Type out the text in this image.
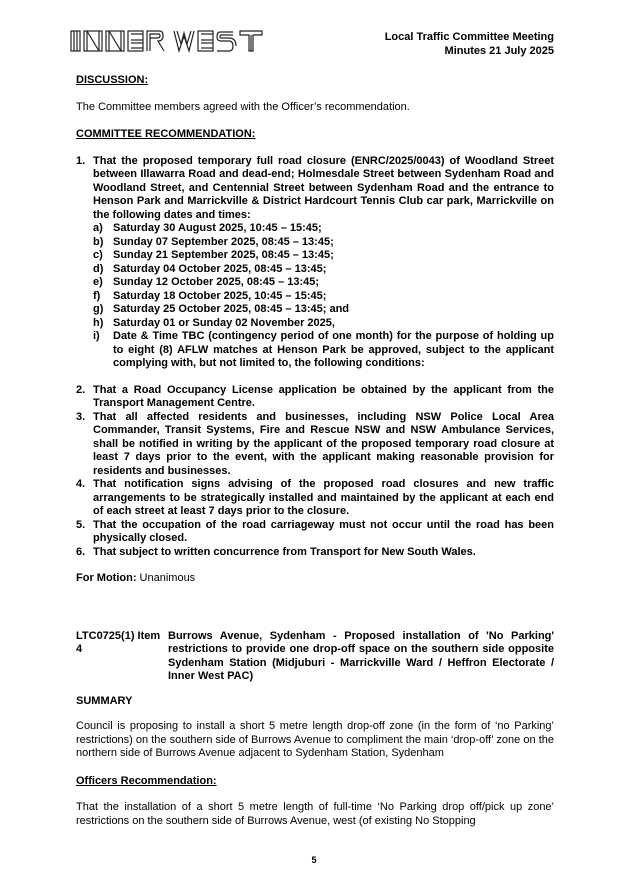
Local Traffic Committee Meeting
Minutes 21 July 2025

DISCUSSION:

The Committee members agreed with the Officer’s recommendation.

COMMITTEE RECOMMENDATION:

1. That the proposed temporary full road closure (ENRC/2025/0043) of Woodland Street between Illawarra Road and dead-end; Holmesdale Street between Sydenham Road and Woodland Street, and Centennial Street between Sydenham Road and the entrance to Henson Park and Marrickville & District Hardcourt Tennis Club car park, Marrickville on the following dates and times:
a) Saturday 30 August 2025, 10:45 – 15:45;
b) Sunday 07 September 2025, 08:45 – 13:45;
c) Sunday 21 September 2025, 08:45 – 13:45;
d) Saturday 04 October 2025, 08:45 – 13:45;
e) Sunday 12 October 2025, 08:45 – 13:45;
f) Saturday 18 October 2025, 10:45 – 15:45;
g) Saturday 25 October 2025, 08:45 – 13:45; and
h) Saturday 01 or Sunday 02 November 2025,
i) Date & Time TBC (contingency period of one month) for the purpose of holding up to eight (8) AFLW matches at Henson Park be approved, subject to the applicant complying with, but not limited to, the following conditions:
2. That a Road Occupancy License application be obtained by the applicant from the Transport Management Centre.
3. That all affected residents and businesses, including NSW Police Local Area Commander, Transit Systems, Fire and Rescue NSW and NSW Ambulance Services, shall be notified in writing by the applicant of the proposed temporary road closure at least 7 days prior to the event, with the applicant making reasonable provision for residents and businesses.
4. That notification signs advising of the proposed road closures and new traffic arrangements to be strategically installed and maintained by the applicant at each end of each street at least 7 days prior to the closure.
5. That the occupation of the road carriageway must not occur until the road has been physically closed.
6. That subject to written concurrence from Transport for New South Wales.

For Motion: Unanimous

LTC0725(1) Item 4
Burrows Avenue, Sydenham - Proposed installation of 'No Parking' restrictions to provide one drop-off space on the southern side opposite Sydenham Station (Midjuburi - Marrickville Ward / Heffron Electorate / Inner West PAC)

SUMMARY

Council is proposing to install a short 5 metre length drop-off zone (in the form of ‘no Parking’ restrictions) on the southern side of Burrows Avenue to compliment the main ‘drop-off’ zone on the northern side of Burrows Avenue adjacent to Sydenham Station, Sydenham

Officers Recommendation:

That the installation of a short 5 metre length of full-time ‘No Parking drop off/pick up zone’ restrictions on the southern side of Burrows Avenue, west (of existing No Stopping

5
